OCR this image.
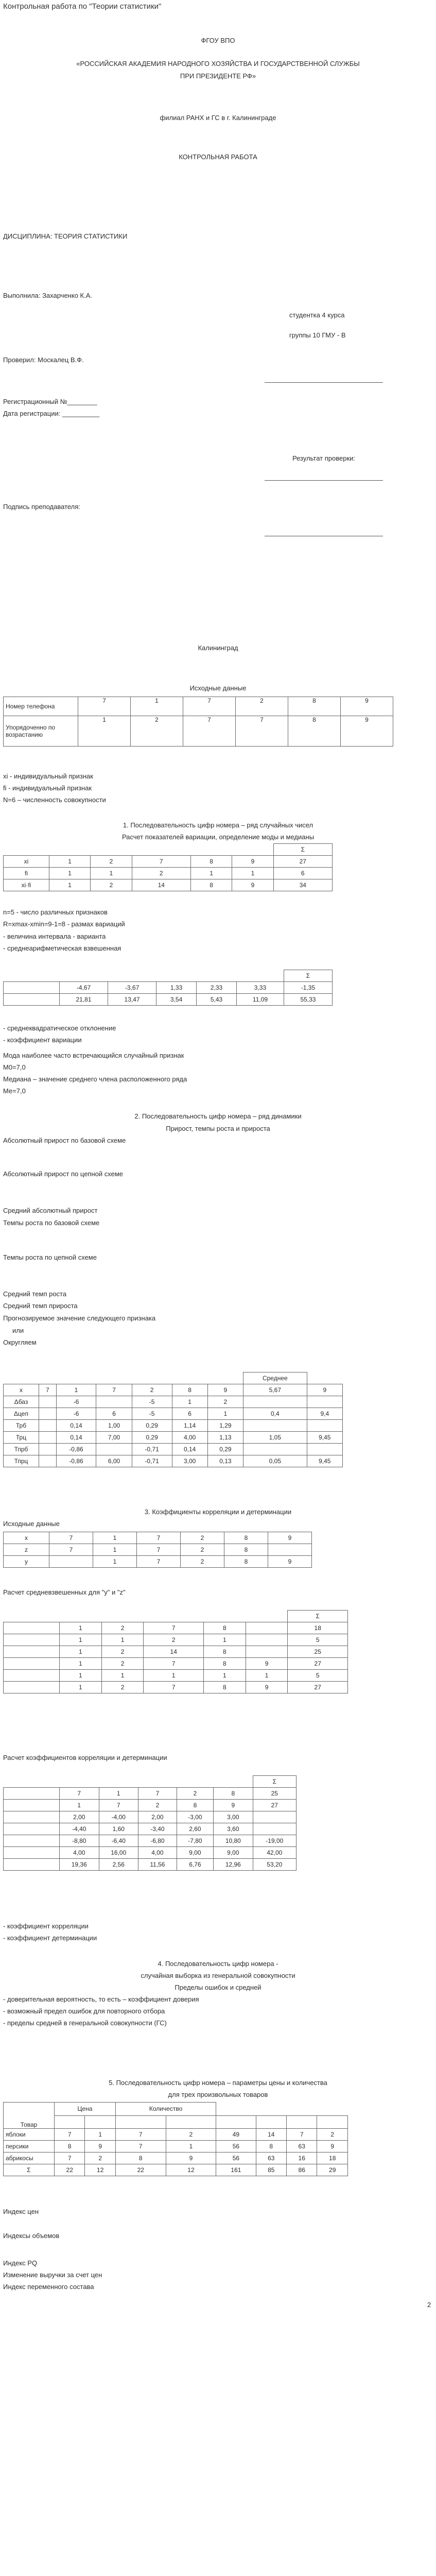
Контрольная работа по "Теории статистики"
ФГОУ ВПО
«РОССИЙСКАЯ АКАДЕМИЯ НАРОДНОГО ХОЗЯЙСТВА И ГОСУДАРСТВЕННОЙ СЛУЖБЫ
ПРИ ПРЕЗИДЕНТЕ РФ»
филиал РАНХ и ГС в г. Калининграде
КОНТРОЛЬНАЯ РАБОТА
ДИСЦИПЛИНА: ТЕОРИЯ СТАТИСТИКИ
Выполнила: Захарченко К.А.
студентка 4 курса
группы 10 ГМУ - В
Проверил: Москалец В.Ф.
Регистрационный №________
Дата регистрации: __________
Результат проверки:
Подпись преподавателя:
Калининград
Исходные данные
Номер телефона	7	1	7	2	8	9
Упорядоченно по возрастанию	1	2	7	7	8	9
xi - индивидуальный признак
fi - индивидуальный признак
N=6 – численность совокупности
1. Последовательность цифр номера – ряд случайных чисел
Расчет показателей вариации, определение моды и медианы
						Σ
xi	1	2	7	8	9	27
fi	1	1	2	1	1	6
xi·fi	1	2	14	8	9	34
n=5 - число различных признаков
R=xmax-xmin=9-1=8 - размах вариаций
- величина интервала - варианта
- среднеарифметическая взвешенная
						Σ
	-4,67	-3,67	1,33	2,33	3,33	-1,35
	21,81	13,47	3,54	5,43	11,09	55,33
- среднеквадратическое отклонение
- коэффициент вариации
Мода наиболее часто встречающийся случайный признак
М0=7,0
Медиана – значение среднего члена расположенного ряда
Ме=7,0
2. Последовательность цифр номера – ряд динамики
Прирост, темпы роста и прироста
Абсолютный прирост по базовой схеме
Абсолютный прирост по цепной схеме
Средний абсолютный прирост
Темпы роста по базовой схеме
Темпы роста по цепной схеме
Средний темп роста
Средний темп прироста
Прогнозируемое значение следующего признака
или
Округляем
							Среднее	
x	7	1	7	2	8	9	5,67	9
Δбаз		-6		-5	1	2		
Δцеп		-6	6	-5	6	1	0,4	9,4
Трб		0,14	1,00	0,29	1,14	1,29		
Трц		0,14	7,00	0,29	4,00	1,13	1,05	9,45
Тпрб		-0,86		-0,71	0,14	0,29		
Тпрц		-0,86	6,00	-0,71	3,00	0,13	0,05	9,45
3. Коэффициенты корреляции и детерминации
Исходные данные
x	7	1	7	2	8	9
z	7	1	7	2	8	
y		1	7	2	8	9
Расчет средневзвешенных для "у" и "z"
						Σ
	1	2	7	8		18
	1	1	2	1		5
	1	2	14	8		25
	1	2	7	8	9	27
	1	1	1	1	1	5
	1	2	7	8	9	27
Расчет коэффициентов корреляции и детерминации
						Σ
	7	1	7	2	8	25
	1	7	2	8	9	27
	2,00	-4,00	2,00	-3,00	3,00	
	-4,40	1,60	-3,40	2,60	3,60	
	-8,80	-6,40	-6,80	-7,80	10,80	-19,00
	4,00	16,00	4,00	9,00	9,00	42,00
	19,36	2,56	11,56	6,76	12,96	53,20
- коэффициент корреляции
- коэффициент детерминации
4. Последовательность цифр номера -
случайная выборка из генеральной совокупности
Пределы ошибок и средней
- доверительная вероятность, то есть – коэффициент доверия
- возможный предел ошибок для повторного отбора
- пределы средней в генеральной совокупности (ГС)
5. Последовательность цифр номера – параметры цены и количества
для трех произвольных товаров
Товар	Цена		Количество					

яблоки	7	1	7	2	49	14	7	2
персики	8	9	7	1	56	8	63	9
абрикосы	7	2	8	9	56	63	16	18
Σ	22	12	22	12	161	85	86	29
Индекс цен
Индексы объемов
Индекс РQ
Изменение выручки за счет цен
Индекс переменного состава
2
